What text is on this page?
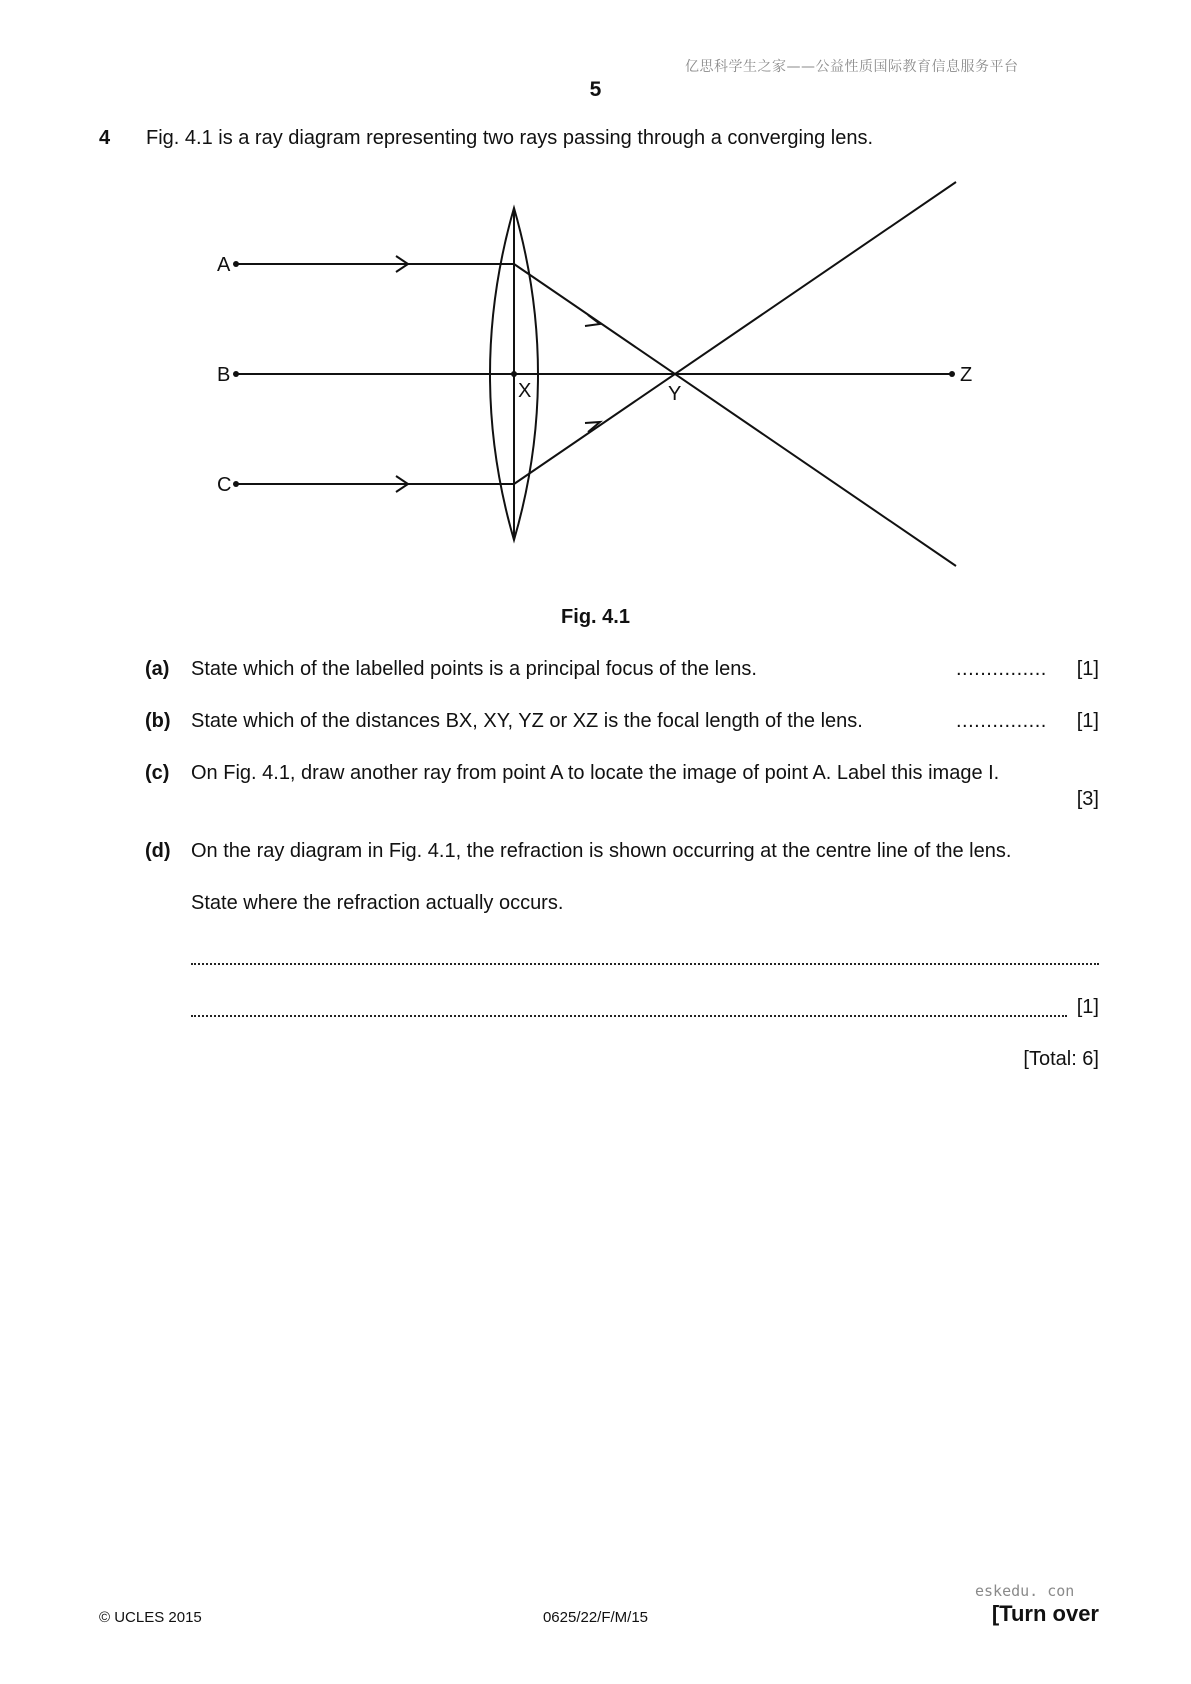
亿思科学生之家——公益性质国际教育信息服务平台
5
4 Fig. 4.1 is a ray diagram representing two rays passing through a converging lens.
A
B
C
X	Y
Z
Fig. 4.1
(a) State which of the labelled points is a principal focus of the lens.	............... [1]
(b) State which of the distances BX, XY, YZ or XZ is the focal length of the lens.	............... [1]
(c) On Fig. 4.1, draw another ray from point A to locate the image of point A. Label this image I.
[3]
(d) On the ray diagram in Fig. 4.1, the refraction is shown occurring at the centre line of the lens.
State where the refraction actually occurs.
[1]
[Total: 6]
eskedu. con
© UCLES 2015	0625/22/F/M/15	[Turn over
